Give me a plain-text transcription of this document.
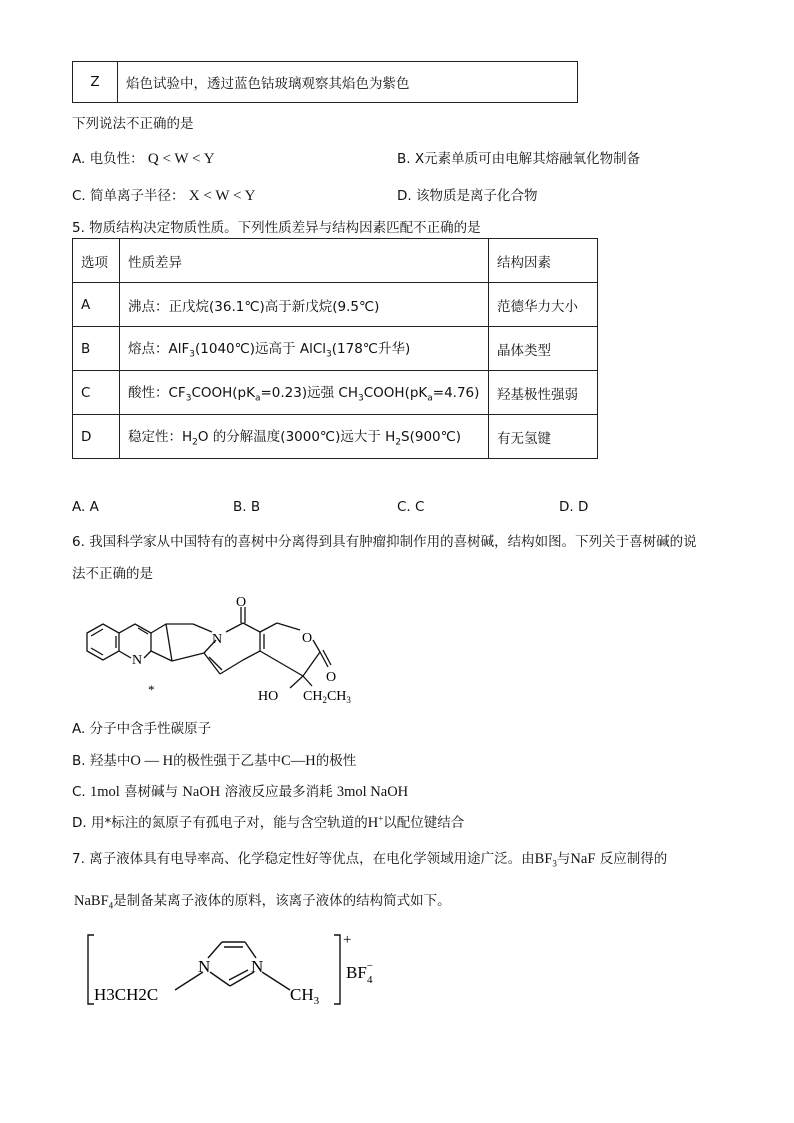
Z	焰色试验中，透过蓝色钴玻璃观察其焰色为紫色
下列说法不正确的是
A. 电负性： Q < W < Y	B. X元素单质可由电解其熔融氧化物制备
C. 简单离子半径： X < W < Y	D. 该物质是离子化合物
5. 物质结构决定物质性质。下列性质差异与结构因素匹配不正确的是
选项	性质差异	结构因素
A	沸点：正戊烷(36.1℃)高于新戊烷(9.5℃)	范德华力大小
B	熔点：AlF$_3$(1040℃)远高于 AlCl$_3$(178℃升华)	晶体类型
C	酸性：$CF_3COOH(pK_a=0.23)$远强 $CH_3COOH(pK_a=4.76)$	羟基极性强弱
D	稳定性：$H_2O$ 的分解温度(3000℃)远大于 $H_2S(900℃)$	有无氢键
A. A	B. B	C. C	D. D
6. 我国科学家从中国特有的喜树中分离得到具有肿瘤抑制作用的喜树碱，结构如图。下列关于喜树碱的说
法不正确的是
O
N	O
O
N
*	HO $CH_2CH_3$
A. 分子中含手性碳原子
B. 羟基中O — H的极性强于乙基中C—H的极性
C. 1mol 喜树碱与 NaOH 溶液反应最多消耗 3mol NaOH
D. 用*标注的氮原子有孤电子对，能与含空轨道的H+以配位键结合
7. 离子液体具有电导率高、化学稳定性好等优点，在电化学领域用途广泛。由$BF_3$与NaF 反应制得的
NaBF$_4$是制备某离子液体的原料，该离子液体的结构简式如下。
N N
H3CH2C	$CH_3$
+
BF− 4
